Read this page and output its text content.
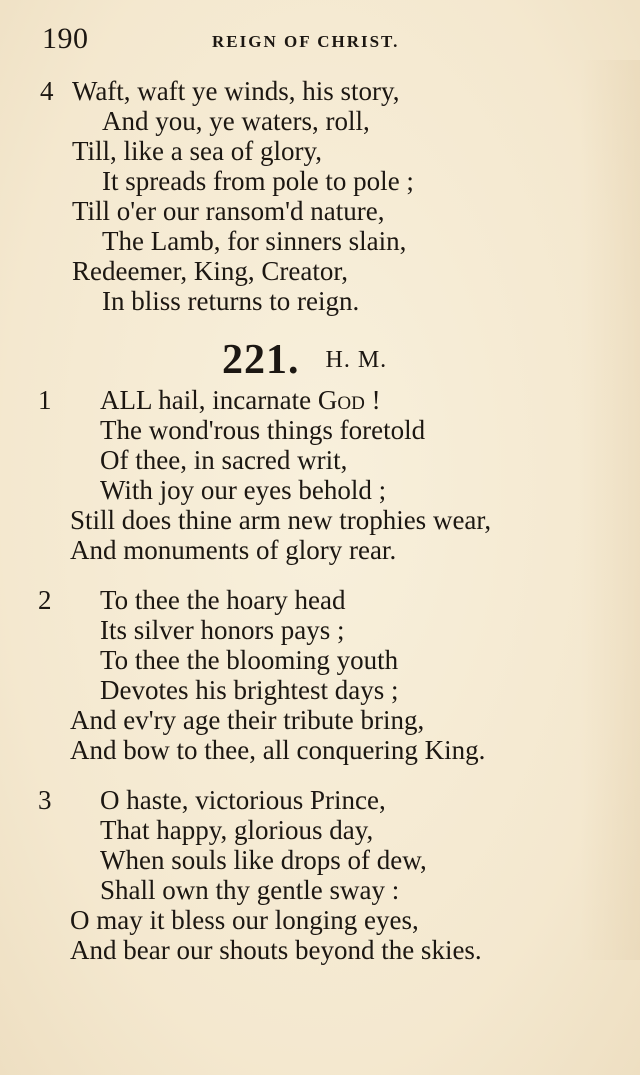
190	REIGN OF CHRIST.
4 Waft, waft ye winds, his story,
And you, ye waters, roll,
Till, like a sea of glory,
It spreads from pole to pole ;
Till o'er our ransom'd nature,
The Lamb, for sinners slain,
Redeemer, King, Creator,
In bliss returns to reign.
221. H. M.
1 ALL hail, incarnate God !
The wond'rous things foretold
Of thee, in sacred writ,
With joy our eyes behold ;
Still does thine arm new trophies wear,
And monuments of glory rear.
2 To thee the hoary head
Its silver honors pays ;
To thee the blooming youth
Devotes his brightest days ;
And ev'ry age their tribute bring,
And bow to thee, all conquering King.
3 O haste, victorious Prince,
That happy, glorious day,
When souls like drops of dew,
Shall own thy gentle sway :
O may it bless our longing eyes,
And bear our shouts beyond the skies.
